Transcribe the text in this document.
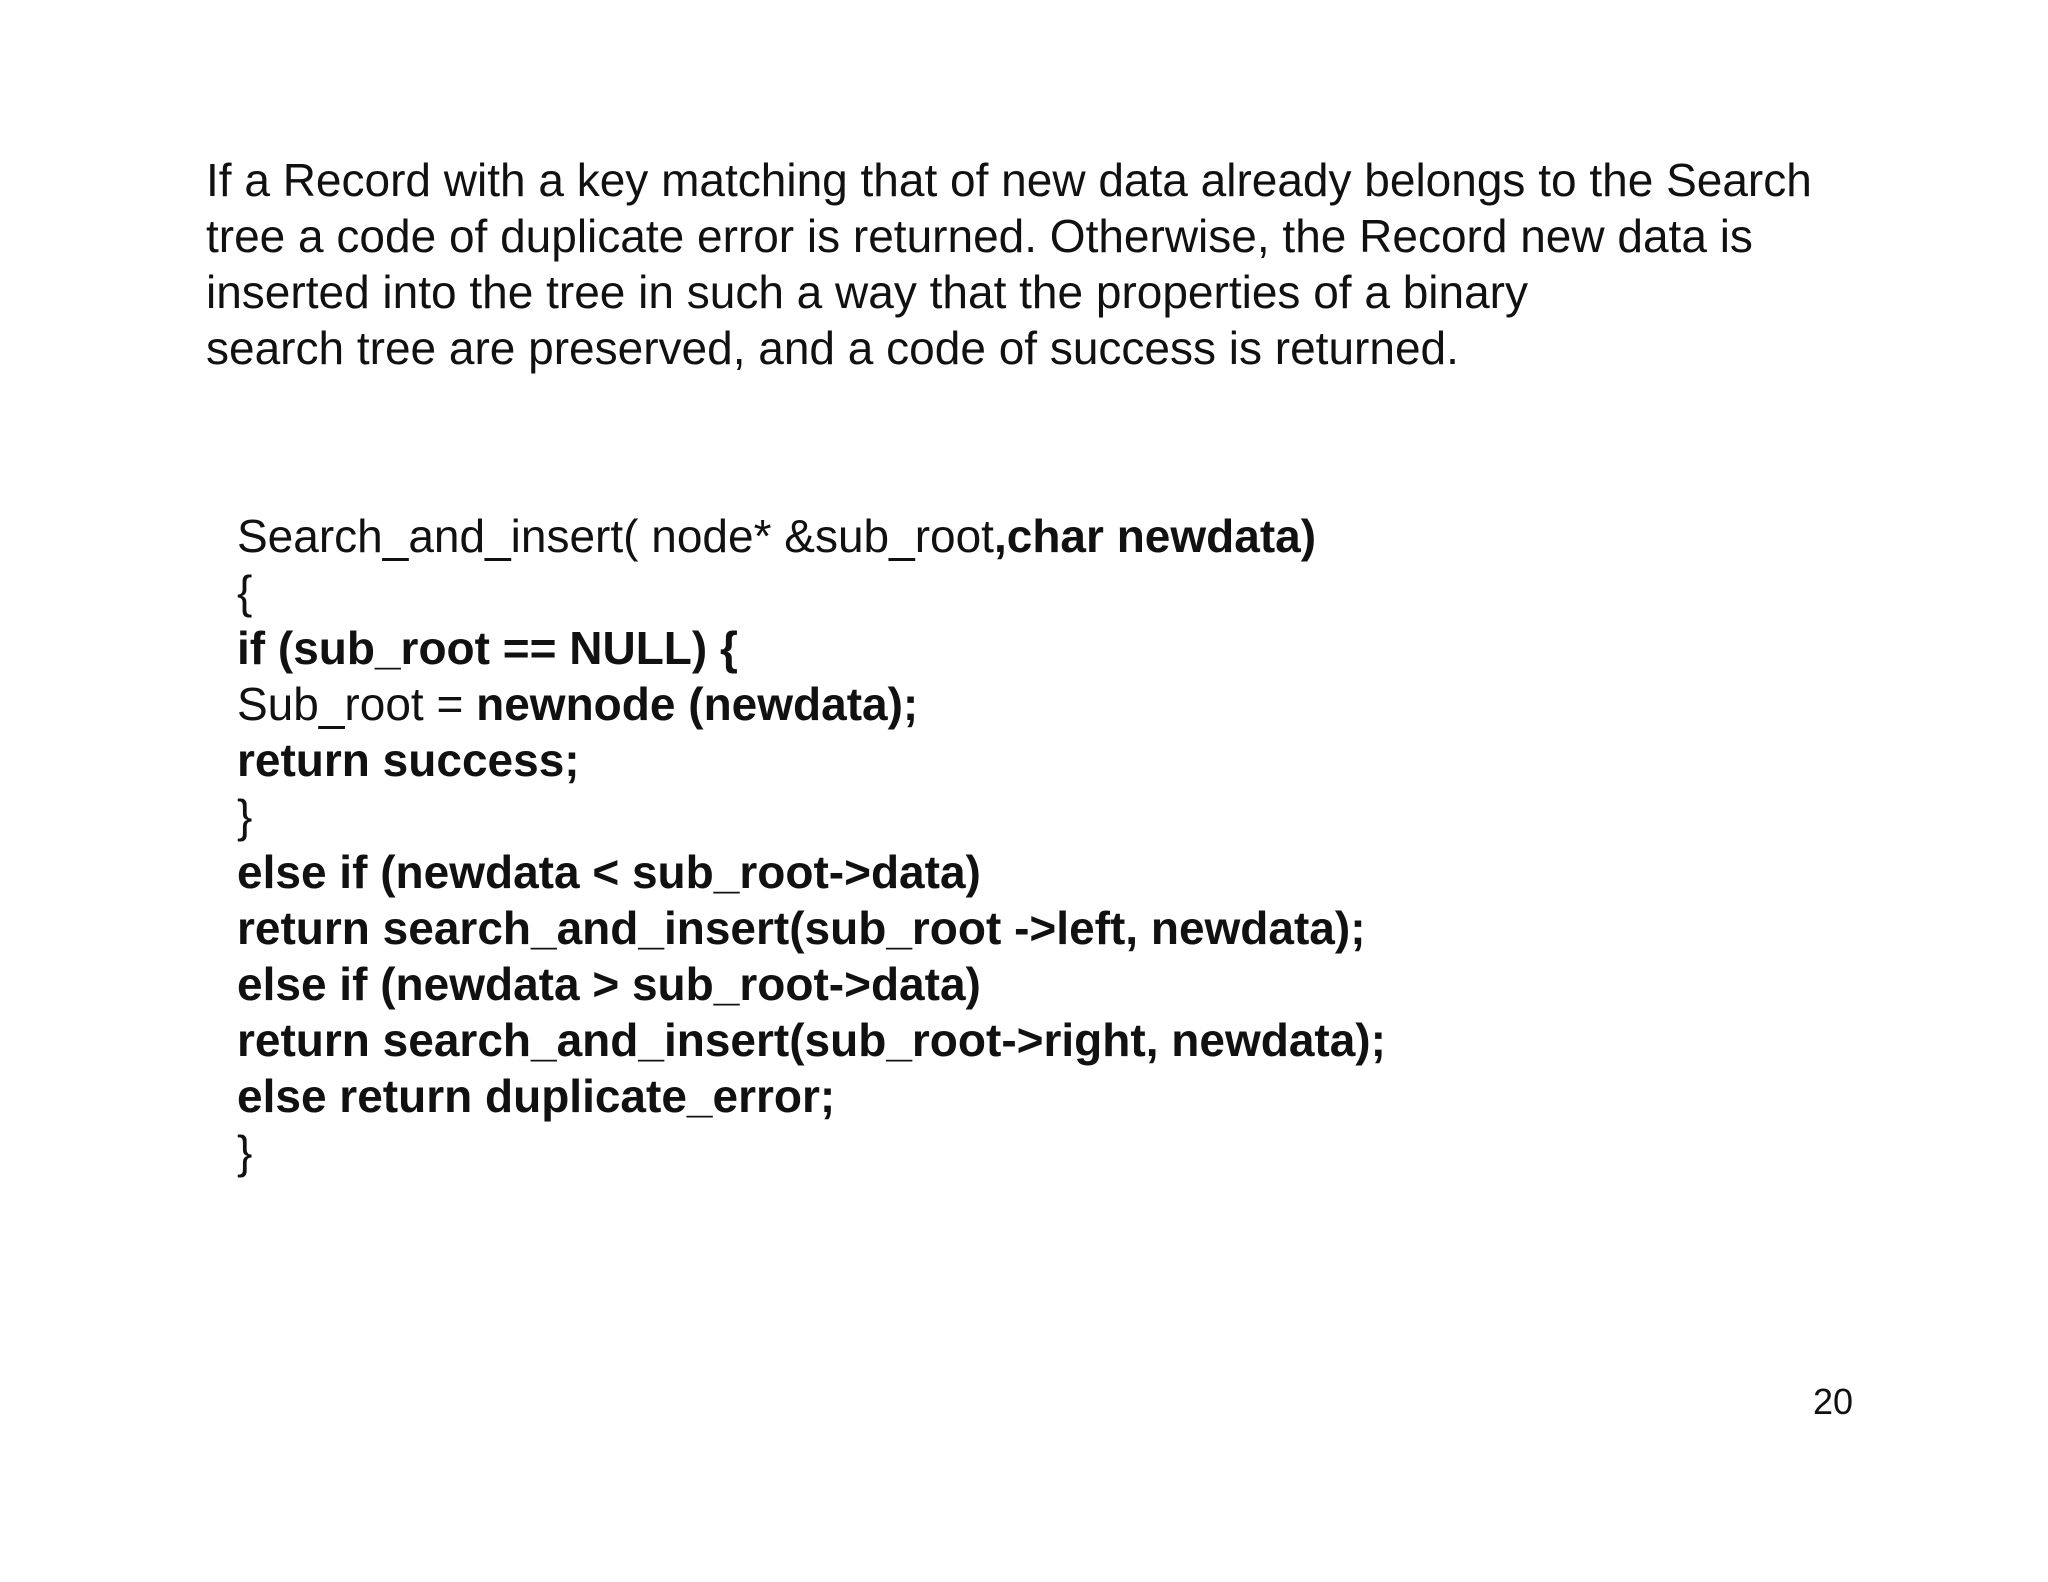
If a Record with a key matching that of new data already belongs to the Search
tree a code of duplicate error is returned. Otherwise, the Record new data is
inserted into the tree in such a way that the properties of a binary
search tree are preserved, and a code of success is returned.
Search_and_insert( node* &sub_root,char newdata)
{
if (sub_root == NULL) {
Sub_root = newnode (newdata);
return success;
}
else if (newdata < sub_root->data)
return search_and_insert(sub_root ->left, newdata);
else if (newdata > sub_root->data)
return search_and_insert(sub_root->right, newdata);
else return duplicate_error;
}
20
